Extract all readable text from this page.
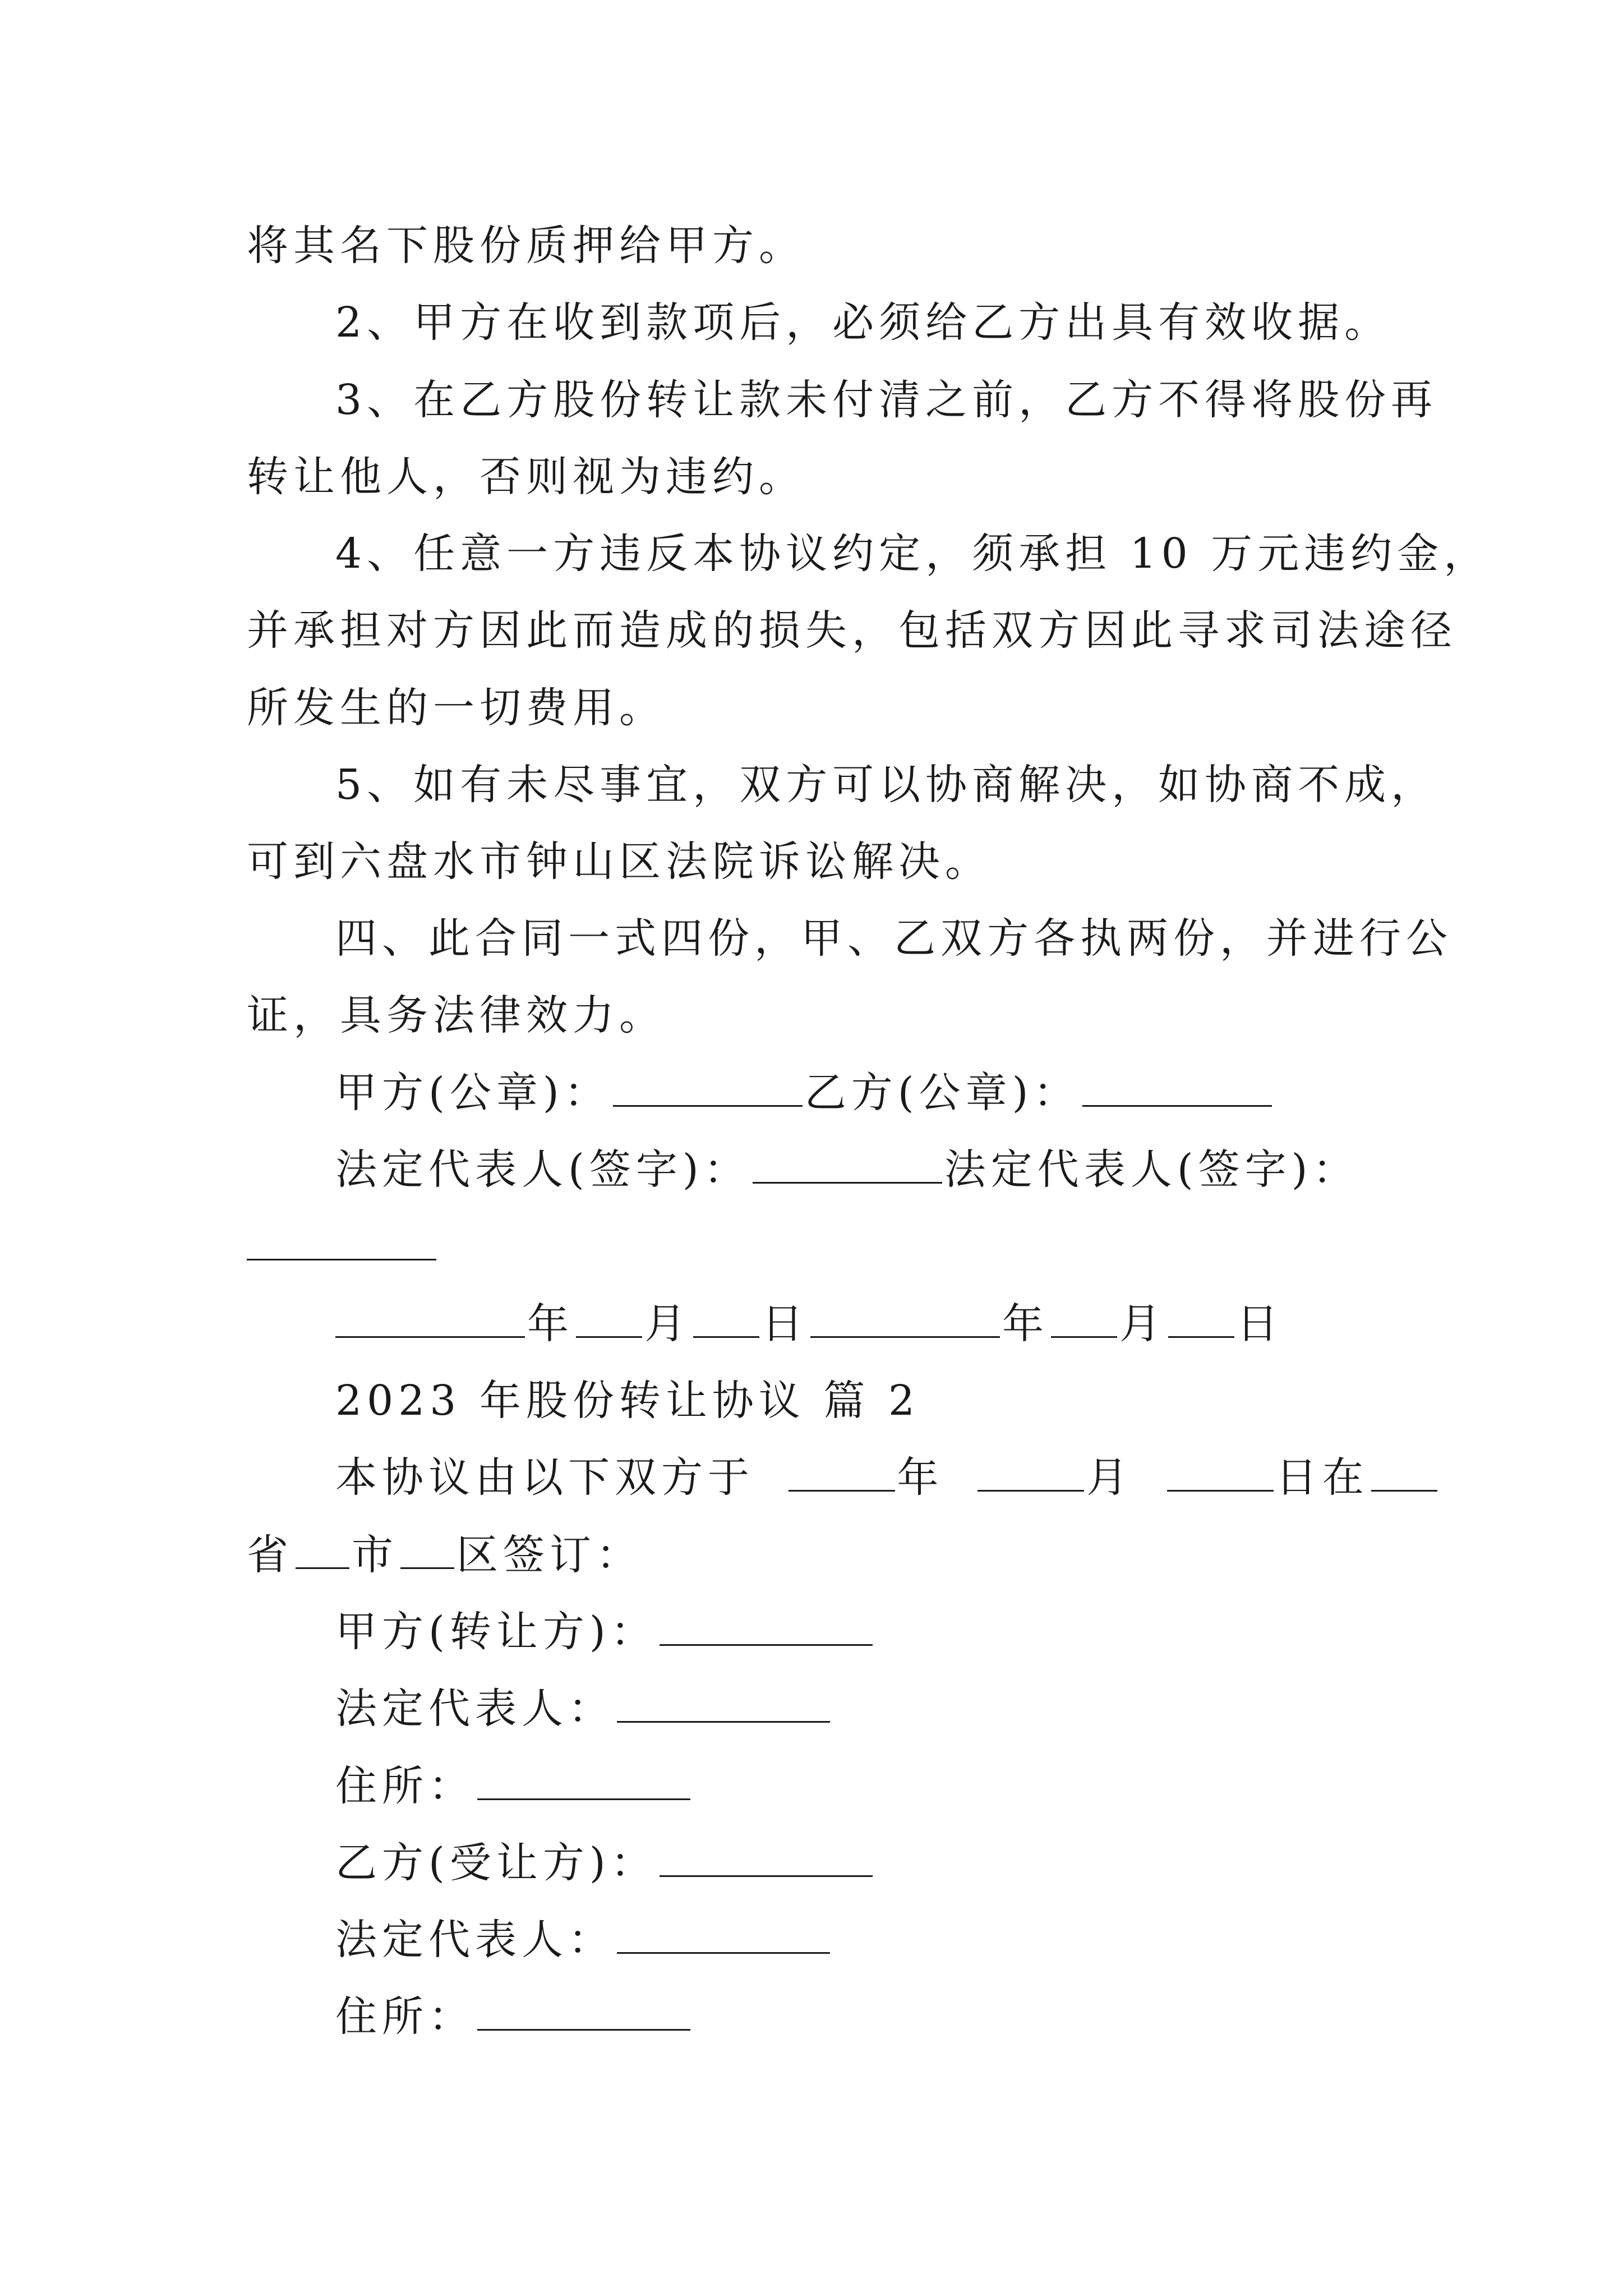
将其名下股份质押给甲方。
2、甲方在收到款项后，必须给乙方出具有效收据。
3、在乙方股份转让款未付清之前，乙方不得将股份再
转让他人，否则视为违约。
4、任意一方违反本协议约定，须承担 10 万元违约金，
并承担对方因此而造成的损失，包括双方因此寻求司法途径
所发生的一切费用。
5、如有未尽事宜，双方可以协商解决，如协商不成，
可到六盘水市钟山区法院诉讼解决。
四、此合同一式四份，甲、乙双方各执两份，并进行公
证，具务法律效力。
甲方(公章)：	乙方(公章)：
法定代表人(签字)：	法定代表人(签字)：
年 月 日	年 月 日
2023 年股份转让协议 篇 2
本协议由以下双方于	年	月	日在
省 市 区签订：
甲方(转让方)：
法定代表人：
住所：
乙方(受让方)：
法定代表人：
住所：
